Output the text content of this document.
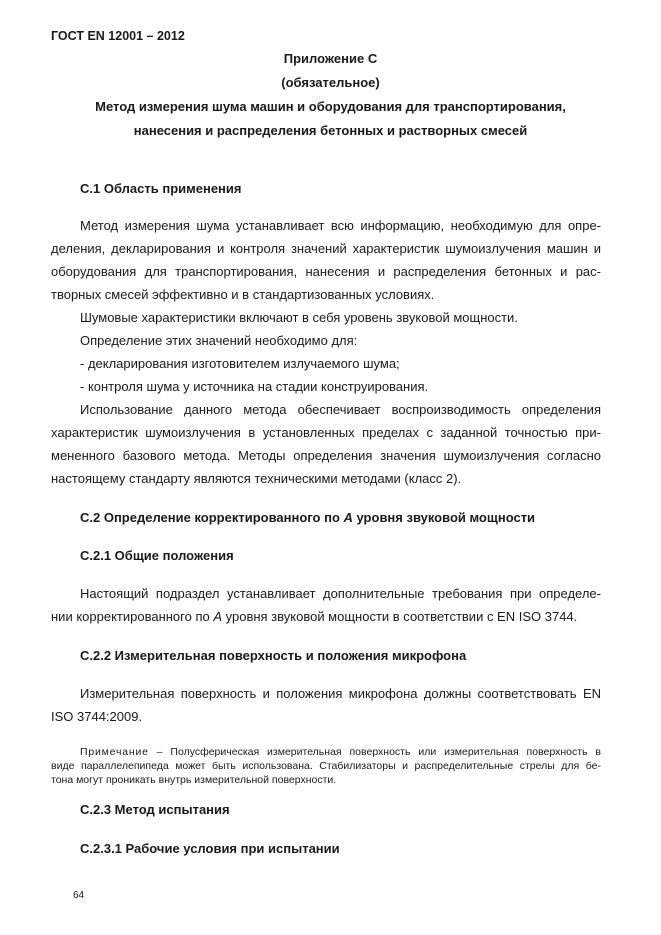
ГОСТ EN 12001 – 2012
Приложение C
(обязательное)
Метод измерения шума машин и оборудования для транспортирования,
нанесения и распределения бетонных и растворных смесей
С.1 Область применения
Метод измерения шума устанавливает всю информацию, необходимую для опре-
деления, декларирования и контроля значений характеристик шумоизлучения машин и
оборудования для транспортирования, нанесения и распределения бетонных и рас-
творных смесей эффективно и в стандартизованных условиях.
Шумовые характеристики включают в себя уровень звуковой мощности.
Определение этих значений необходимо для:
- декларирования изготовителем излучаемого шума;
- контроля шума у источника на стадии конструирования.
Использование данного метода обеспечивает воспроизводимость определения
характеристик шумоизлучения в установленных пределах с заданной точностью при-
мененного базового метода. Методы определения значения шумоизлучения согласно
настоящему стандарту являются техническими методами (класс 2).
С.2 Определение корректированного по А уровня звуковой мощности
С.2.1 Общие положения
Настоящий подраздел устанавливает дополнительные требования при определе-
нии корректированного по А уровня звуковой мощности в соответствии с EN ISO 3744.
С.2.2 Измерительная поверхность и положения микрофона
Измерительная поверхность и положения микрофона должны соответствовать EN
ISO 3744:2009.
Примечание – Полусферическая измерительная поверхность или измерительная поверхность в
виде параллелепипеда может быть использована. Стабилизаторы и распределительные стрелы для бе-
тона могут проникать внутрь измерительной поверхности.
С.2.3 Метод испытания
С.2.3.1 Рабочие условия при испытании
64
